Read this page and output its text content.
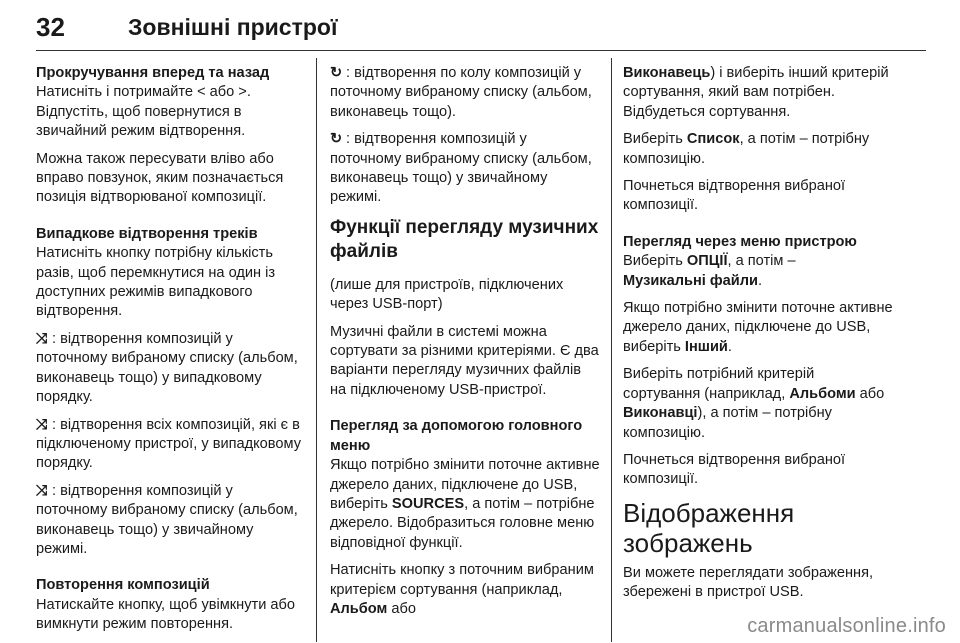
32	Зовнішні пристрої

Прокручування вперед та назад
Натисніть і потримайте < або >. Відпустіть, щоб повернутися в звичайний режим відтворення.

Можна також пересувати вліво або вправо повзунок, яким позначається позиція відтворюваної композиції.

Випадкове відтворення треків
Натисніть кнопку потрібну кількість разів, щоб перемкнутися на один із доступних режимів випадкового відтворення.

⤨ : відтворення композицій у поточному вибраному списку (альбом, виконавець тощо) у випадковому порядку.

⤨ : відтворення всіх композицій, які є в підключеному пристрої, у випадковому порядку.

⤨ : відтворення композицій у поточному вибраному списку (альбом, виконавець тощо) у звичайному режимі.

Повторення композицій
Натискайте кнопку, щоб увімкнути або вимкнути режим повторення.

↻ : відтворення по колу композицій у поточному вибраному списку (альбом, виконавець тощо).

↻ : відтворення композицій у поточному вибраному списку (альбом, виконавець тощо) у звичайному режимі.

Функції перегляду музичних файлів

(лише для пристроїв, підключених через USB-порт)

Музичні файли в системі можна сортувати за різними критеріями. Є два варіанти перегляду музичних файлів на підключеному USB-пристрої.

Перегляд за допомогою головного меню
Якщо потрібно змінити поточне активне джерело даних, підключене до USB, виберіть SOURCES, а потім – потрібне джерело. Відобразиться головне меню відповідної функції.

Натисніть кнопку з поточним вибраним критерієм сортування (наприклад, Альбом або

Виконавець) і виберіть інший критерій сортування, який вам потрібен. Відбудеться сортування.

Виберіть Список, а потім – потрібну композицію.

Почнеться відтворення вибраної композиції.

Перегляд через меню пристрою
Виберіть ОПЦІЇ, а потім –
Музикальні файли.

Якщо потрібно змінити поточне активне джерело даних, підключене до USB, виберіть Інший.

Виберіть потрібний критерій сортування (наприклад, Альбоми або Виконавці), а потім – потрібну композицію.

Почнеться відтворення вибраної композиції.

Відображення зображень

Ви можете переглядати зображення, збережені в пристрої USB.

carmanualsonline.info
